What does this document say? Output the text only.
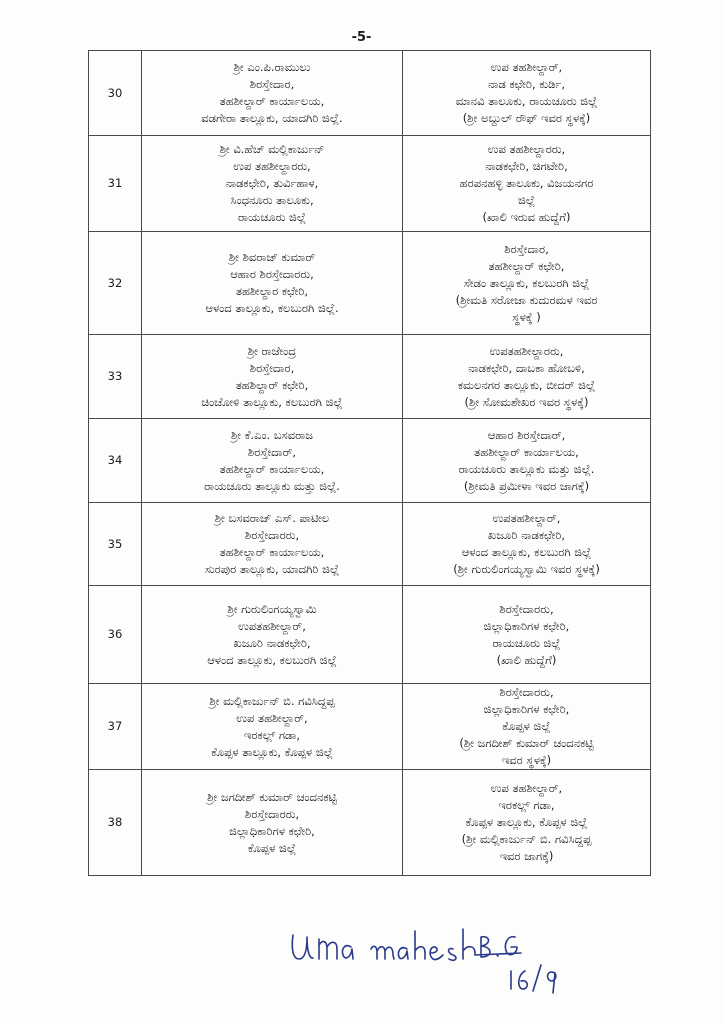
-5-
30	ಶ್ರೀ ಎಂ.ಪಿ.ರಾಮುಲು
ಶಿರಸ್ತೇದಾರ,
ತಹಶೀಲ್ದಾರ್ ಕಾರ್ಯಾಲಯ,
ವಡಗೇರಾ ತಾಲ್ಲೂಕು, ಯಾದಗಿರಿ ಜಿಲ್ಲೆ.	ಉಪ ತಹಶೀಲ್ದಾರ್,
ನಾಡ ಕಛೇರಿ, ಕುರ್ಡಿ,
ಮಾನವಿ ತಾಲೂಕು, ರಾಯಚೂರು ಜಿಲ್ಲೆ
(ಶ್ರೀ ಅಬ್ದುಲ್ ರೌಫ್ ಇವರ ಸ್ಥಳಕ್ಕೆ)

31	ಶ್ರೀ ವಿ.ಹೆಚ್ ಮಲ್ಲಿಕಾರ್ಜುನ್
ಉಪ ತಹಶೀಲ್ದಾರರು,
ನಾಡಕಛೇರಿ, ತುರ್ವಿಹಾಳ,
ಸಿಂಧನೂರು ತಾಲೂಕು,
ರಾಯಚೂರು ಜಿಲ್ಲೆ	ಉಪ ತಹಶೀಲ್ದಾರರು,
ನಾಡಕಛೇರಿ, ಚಿಗಟೇರಿ,
ಹರಪನಹಳ್ಳಿ ತಾಲೂಕು, ವಿಜಯನಗರ
ಜಿಲ್ಲೆ
(ಖಾಲಿ ಇರುವ ಹುದ್ದೆಗೆ)

32	ಶ್ರೀ ಶಿವರಾಜ್ ಕುಮಾರ್
ಆಹಾರ ಶಿರಸ್ತೇದಾರರು,
ತಹಶೀಲ್ದಾರ ಕಛೇರಿ,
ಆಳಂದ ತಾಲ್ಲೂಕು, ಕಲಬುರಗಿ ಜಿಲ್ಲೆ.	ಶಿರಸ್ತೇದಾರ,
ತಹಶೀಲ್ದಾರ್ ಕಛೇರಿ,
ಸೇಡಂ ತಾಲ್ಲೂಕು, ಕಲಬುರಗಿ ಜಿಲ್ಲೆ
(ಶ್ರೀಮತಿ ಸರೋಜಾ ಕುದುರಮಳ ಇವರ
ಸ್ಥಳಕ್ಕೆ )

33	ಶ್ರೀ ರಾಜೇಂದ್ರ
ಶಿರಸ್ತೇದಾರ,
ತಹಶಿಲ್ದಾರ್ ಕಛೇರಿ,
ಚಿಂಚೋಳಿ ತಾಲ್ಲೂಕು, ಕಲಬುರಗಿ ಜಿಲ್ಲೆ	ಉಪತಹಶೀಲ್ದಾರರು,
ನಾಡಕಛೇರಿ, ದಾಬಕಾ ಹೋಬಳಿ,
ಕಮಲನಗರ ತಾಲ್ಲೂಕು, ಬೀದರ್ ಜಿಲ್ಲೆ
(ಶ್ರೀ ಸೋಮಶೇಖರ ಇವರ ಸ್ಥಳಕ್ಕೆ)

34	ಶ್ರೀ ಕೆ.ಎಂ. ಬಸವರಾಜ
ಶಿರಸ್ತೇದಾರ್,
ತಹಶೀಲ್ದಾರ್ ಕಾರ್ಯಾಲಯ,
ರಾಯಚೂರು ತಾಲ್ಲೂಕು ಮತ್ತು ಜಿಲ್ಲೆ.	ಆಹಾರ ಶಿರಸ್ತೇದಾರ್,
ತಹಶೀಲ್ದಾರ್ ಕಾರ್ಯಾಲಯ,
ರಾಯಚೂರು ತಾಲ್ಲೂಕು ಮತ್ತು ಜಿಲ್ಲೆ.
(ಶ್ರೀಮತಿ ಪ್ರಮೀಳಾ ಇವರ ಜಾಗಕ್ಕೆ)

35	ಶ್ರೀ ಬಸವರಾಜ್ ಎಸ್. ಪಾಟೀಲ
ಶಿರಸ್ತೇದಾರರು,
ತಹಶೀಲ್ದಾರ್ ಕಾರ್ಯಾಲಯ,
ಸುರಪುರ ತಾಲ್ಲೂಕು, ಯಾದಗಿರಿ ಜಿಲ್ಲೆ	ಉಪತಹಶೀಲ್ದಾರ್,
ಖಜೂರಿ ನಾಡಕಛೇರಿ,
ಆಳಂದ ತಾಲ್ಲೂಕು, ಕಲಬುರಗಿ ಜಿಲ್ಲೆ
(ಶ್ರೀ ಗುರುಲಿಂಗಯ್ಯಸ್ವಾಮಿ ಇವರ ಸ್ಥಳಕ್ಕೆ)

36	ಶ್ರೀ ಗುರುಲಿಂಗಯ್ಯಸ್ವಾಮಿ
ಉಪತಹಶೀಲ್ದಾರ್,
ಖಜೂರಿ ನಾಡಕಛೇರಿ,
ಆಳಂದ ತಾಲ್ಲೂಕು, ಕಲಬುರಗಿ ಜಿಲ್ಲೆ	ಶಿರಸ್ತೇದಾರರು,
ಜಿಲ್ಲಾಧಿಕಾರಿಗಳ ಕಛೇರಿ,
ರಾಯಚೂರು ಜಿಲ್ಲೆ
(ಖಾಲಿ ಹುದ್ದೆಗೆ)

37	ಶ್ರೀ ಮಲ್ಲಿಕಾರ್ಜುನ್ ಬಿ. ಗವಿಸಿದ್ದಪ್ಪ
ಉಪ ತಹಶೀಲ್ದಾರ್,
ಇರಕಲ್ಲ್ ಗಡಾ,
ಕೊಪ್ಪಳ ತಾಲ್ಲೂಕು, ಕೊಪ್ಪಳ ಜಿಲ್ಲೆ	ಶಿರಸ್ತೇದಾರರು,
ಜಿಲ್ಲಾಧಿಕಾರಿಗಳ ಕಛೇರಿ,
ಕೊಪ್ಪಳ ಜಿಲ್ಲೆ
(ಶ್ರೀ ಜಗದೀಶ್ ಕುಮಾರ್ ಚಂದನಕಟ್ಟಿ
ಇವರ ಸ್ಥಳಕ್ಕೆ)

38	ಶ್ರೀ ಜಗದೀಶ್ ಕುಮಾರ್ ಚಂದನಕಟ್ಟಿ
ಶಿರಸ್ತೇದಾರರು,
ಜಿಲ್ಲಾಧಿಕಾರಿಗಳ ಕಛೇರಿ,
ಕೊಪ್ಪಳ ಜಿಲ್ಲೆ	ಉಪ ತಹಶೀಲ್ದಾರ್,
ಇರಕಲ್ಲ್ ಗಡಾ,
ಕೊಪ್ಪಳ ತಾಲ್ಲೂಕು, ಕೊಪ್ಪಳ ಜಿಲ್ಲೆ
(ಶ್ರೀ ಮಲ್ಲಿಕಾರ್ಜುನ್ ಬಿ. ಗವಿಸಿದ್ದಪ್ಪ
ಇವರ ಜಾಗಕ್ಕೆ)
